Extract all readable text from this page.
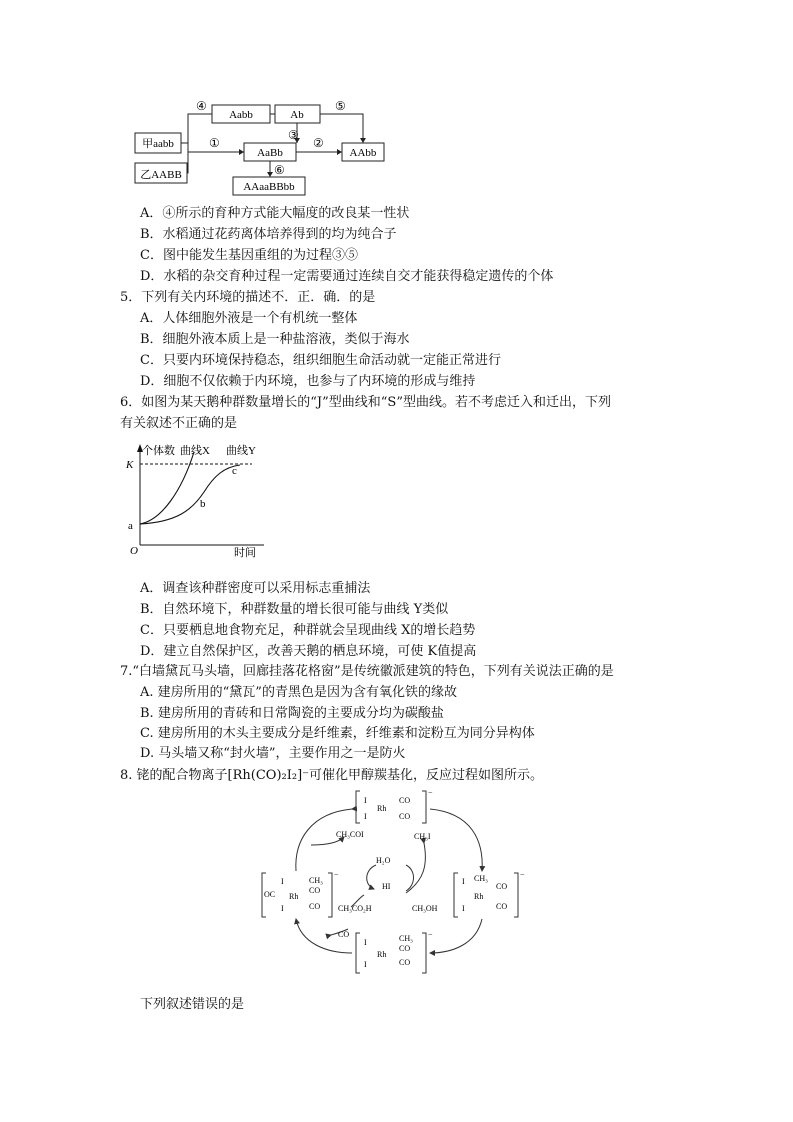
Aabb	Ab
甲aabb
乙AABB
AaBb	AAbb
AAaaBBbb
④	⑤
③
①	②
⑥
A．④所示的育种方式能大幅度的改良某一性状
B．水稻通过花药离体培养得到的均为纯合子
C．图中能发生基因重组的为过程③⑤
D．水稻的杂交育种过程一定需要通过连续自交才能获得稳定遗传的个体
5．下列有关内环境的描述不．正．确．的是
A．人体细胞外液是一个有机统一整体
B．细胞外液本质上是一种盐溶液，类似于海水
C．只要内环境保持稳态，组织细胞生命活动就一定能正常进行
D．细胞不仅依赖于内环境，也参与了内环境的形成与维持
6．如图为某天鹅种群数量增长的“J”型曲线和“S”型曲线。若不考虑迁入和迁出，下列
有关叙述不正确的是
个体数 曲线X 曲线Y
K
a
b
c
O	时间
A．调查该种群密度可以采用标志重捕法
B．自然环境下，种群数量的增长很可能与曲线 Y类似
C．只要栖息地食物充足，种群就会呈现曲线 X的增长趋势
D．建立自然保护区，改善天鹅的栖息环境，可使 K值提高
7.“白墙黛瓦马头墙，回廊挂落花格窗”是传统徽派建筑的特色，下列有关说法正确的是
A. 建房所用的“黛瓦”的青黑色是因为含有氧化铁的缘故
B. 建房所用的青砖和日常陶瓷的主要成分均为碳酸盐
C. 建房所用的木头主要成分是纤维素，纤维素和淀粉互为同分异构体
D. 马头墙又称“封火墙”，主要作用之一是防火
8. 铑的配合物离子[Rh(CO)₂I₂]⁻可催化甲醇羰基化，反应过程如图所示。
I
I
Rh
CO
CO
−
OC
I
I
Rh
CH₃
CO
CO
−	CH₃
I
I
Rh
CO
CO
−
I
I
Rh
CH₃
CO
CO
−
CH₃COI	CH₃I
H₂O
HI
CH₃CO₂H	CH₃OH
CO
下列叙述错误的是
